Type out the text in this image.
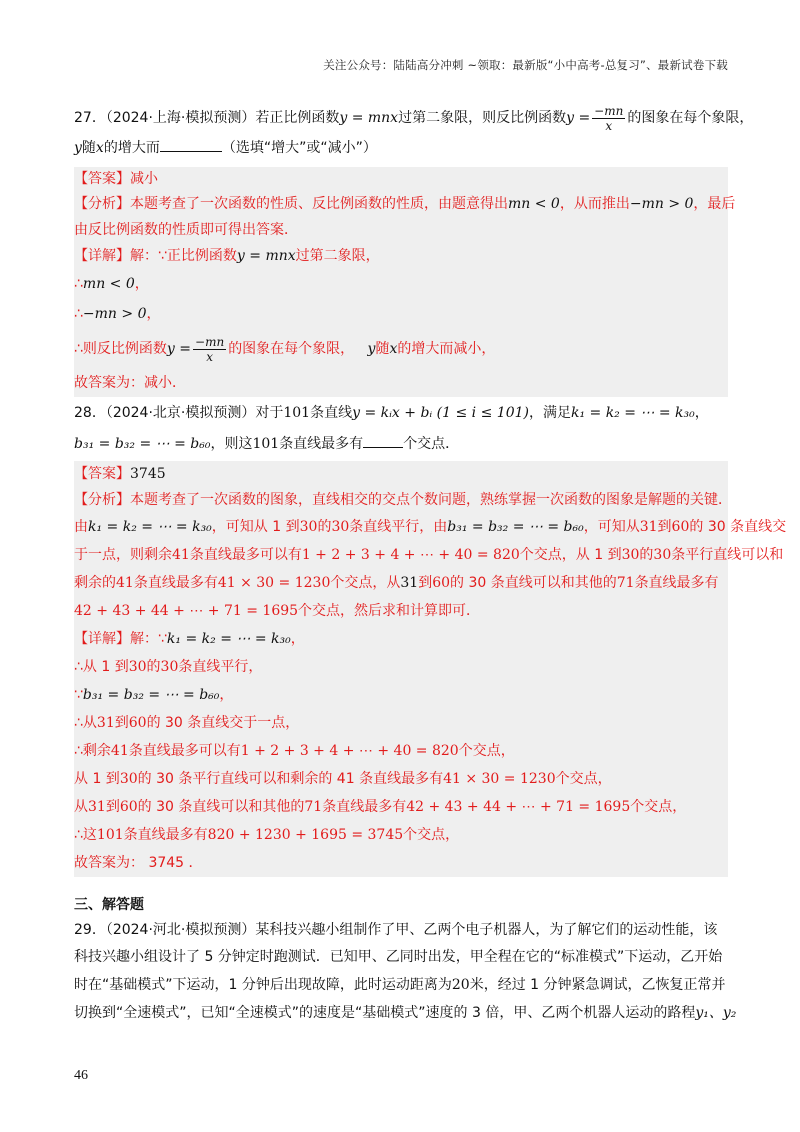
关注公众号：陆陆高分冲刺 ~领取：最新版“小中高考-总复习”、最新试卷下载
27．（2024·上海·模拟预测）若正比例函数y = mnx过第二象限，则反比例函数$y = \frac{-mn}{x}$ 的图象在每个象限，
y随x的增大而	（选填“增大”或“减小”）
【答案】减小
【分析】本题考查了一次函数的性质、反比例函数的性质，由题意得出mn < 0，从而推出−mn > 0，最后
由反比例函数的性质即可得出答案．
【详解】解：∵正比例函数y = mnx过第二象限，
∴mn < 0，
∴−mn > 0，
∴则反比例函数$y = \frac{-mn}{x}$ 的图象在每个象限， y随x的增大而减小，
故答案为：减小．
28．（2024·北京·模拟预测）对于101条直线y = kᵢx + bᵢ (1 ≤ i ≤ 101)，满足k₁ = k₂ = ⋯ = k₃₀，
b₃₁ = b₃₂ = ⋯ = b₆₀，则这101条直线最多有	个交点．
【答案】3745
【分析】本题考查了一次函数的图象，直线相交的交点个数问题，熟练掌握一次函数的图象是解题的关键．
由k₁ = k₂ = ⋯ = k₃₀，可知从 1 到30的30条直线平行，由b₃₁ = b₃₂ = ⋯ = b₆₀，可知从31到60的 30 条直线交
于一点，则剩余41条直线最多可以有1 + 2 + 3 + 4 + ⋯ + 40 = 820个交点，从 1 到30的30条平行直线可以和
剩余的41条直线最多有41 × 30 = 1230个交点，从31到60的 30 条直线可以和其他的71条直线最多有
42 + 43 + 44 + ⋯ + 71 = 1695个交点，然后求和计算即可．
【详解】解：∵k₁ = k₂ = ⋯ = k₃₀，
∴从 1 到30的30条直线平行，
∵b₃₁ = b₃₂ = ⋯ = b₆₀，
∴从31到60的 30 条直线交于一点，
∴剩余41条直线最多可以有1 + 2 + 3 + 4 + ⋯ + 40 = 820个交点，
从 1 到30的 30 条平行直线可以和剩余的 41 条直线最多有41 × 30 = 1230个交点，
从31到60的 30 条直线可以和其他的71条直线最多有42 + 43 + 44 + ⋯ + 71 = 1695个交点，
∴这101条直线最多有820 + 1230 + 1695 = 3745个交点，
故答案为： 3745 ．
三、解答题
29．（2024·河北·模拟预测）某科技兴趣小组制作了甲、乙两个电子机器人，为了解它们的运动性能，该
科技兴趣小组设计了 5 分钟定时跑测试．已知甲、乙同时出发，甲全程在它的“标准模式”下运动，乙开始
时在“基础模式”下运动，1 分钟后出现故障，此时运动距离为20米，经过 1 分钟紧急调试，乙恢复正常并
切换到“全速模式”，已知“全速模式”的速度是“基础模式”速度的 3 倍，甲、乙两个机器人运动的路程y₁、y₂
46
